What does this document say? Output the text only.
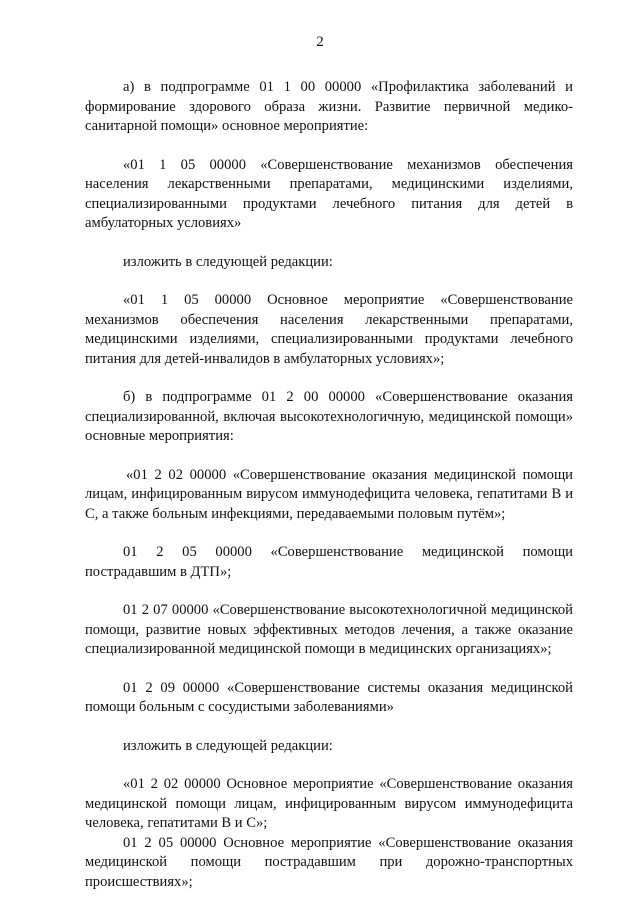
2

а) в подпрограмме 01 1 00 00000 «Профилактика заболеваний и формирование здорового образа жизни. Развитие первичной медико-санитарной помощи» основное мероприятие:

«01 1 05 00000 «Совершенствование механизмов обеспечения населения лекарственными препаратами, медицинскими изделиями, специализированными продуктами лечебного питания для детей в амбулаторных условиях»

изложить в следующей редакции:

«01 1 05 00000 Основное мероприятие «Совершенствование механизмов обеспечения населения лекарственными препаратами, медицинскими изделиями, специализированными продуктами лечебного питания для детей-инвалидов в амбулаторных условиях»;

б) в подпрограмме 01 2 00 00000 «Совершенствование оказания специализированной, включая высокотехнологичную, медицинской помощи» основные мероприятия:

«01 2 02 00000 «Совершенствование оказания медицинской помощи лицам, инфицированным вирусом иммунодефицита человека, гепатитами В и С, а также больным инфекциями, передаваемыми половым путём»;

01 2 05 00000 «Совершенствование медицинской помощи пострадавшим в ДТП»;

01 2 07 00000 «Совершенствование высокотехнологичной медицинской помощи, развитие новых эффективных методов лечения, а также оказание специализированной медицинской помощи в медицинских организациях»;

01 2 09 00000 «Совершенствование системы оказания медицинской помощи больным с сосудистыми заболеваниями»

изложить в следующей редакции:

«01 2 02 00000 Основное мероприятие «Совершенствование оказания медицинской помощи лицам, инфицированным вирусом иммунодефицита человека, гепатитами В и С»;

01 2 05 00000 Основное мероприятие «Совершенствование оказания медицинской помощи пострадавшим при дорожно-транспортных происшествиях»;
